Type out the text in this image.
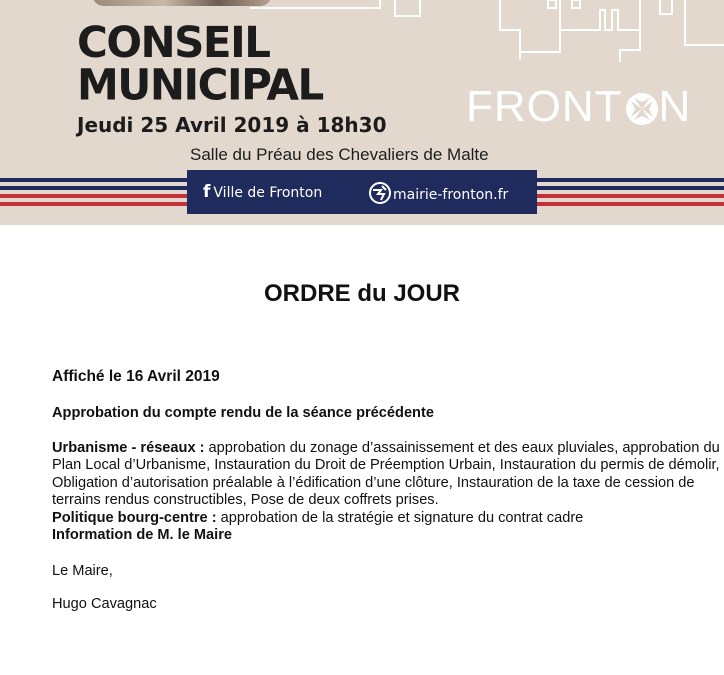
CONSEIL
MUNICIPAL
Jeudi 25 Avril 2019 à 18h30
Salle du Préau des Chevaliers de Malte
FRONT N
f Ville de Fronton	mairie-fronton.fr
ORDRE du JOUR

Affiché le 16 Avril 2019

Approbation du compte rendu de la séance précédente
Urbanisme - réseaux : approbation du zonage d’assainissement et des eaux pluviales, approbation du Plan Local d’Urbanisme, Instauration du Droit de Préemption Urbain, Instauration du permis de démolir, Obligation d’autorisation préalable à l’édification d’une clôture, Instauration de la taxe de cession de terrains rendus constructibles, Pose de deux coffrets prises.
Politique bourg-centre : approbation de la stratégie et signature du contrat cadre
Information de M. le Maire
Le Maire,
Hugo Cavagnac
